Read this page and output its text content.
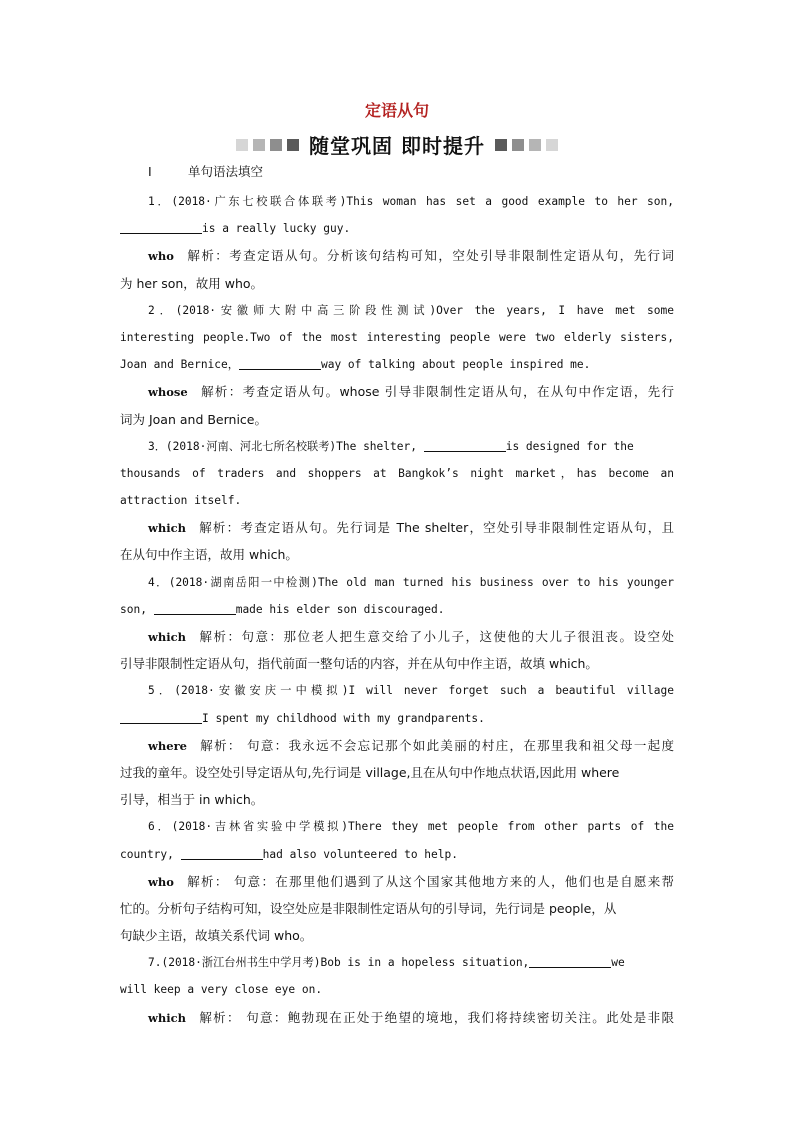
定语从句
随堂巩固 即时提升
Ⅰ	单句语法填空
1．(2018·广东七校联合体联考)This woman has set a good example to her son,
is a really lucky guy.
who 解析：考查定语从句。分析该句结构可知，空处引导非限制性定语从句，先行词
为 her son，故用 who。
2．(2018·安徽师大附中高三阶段性测试)Over the years, I have met some
interesting people.Two of the most interesting people were two elderly sisters,
Joan and Bernice，	way of talking about people inspired me.
whose 解析：考查定语从句。whose 引导非限制性定语从句，在从句中作定语，先行
词为 Joan and Bernice。
3．(2018·河南、河北七所名校联考)The shelter,	is designed for the
thousands of traders and shoppers at Bangkok’s night market，has become an
attraction itself.
which 解析：考查定语从句。先行词是 The shelter，空处引导非限制性定语从句，且
在从句中作主语，故用 which。
4．(2018·湖南岳阳一中检测)The old man turned his business over to his younger
son,	made his elder son discouraged.
which 解析：句意：那位老人把生意交给了小儿子，这使他的大儿子很沮丧。设空处
引导非限制性定语从句，指代前面一整句话的内容，并在从句中作主语，故填 which。
5．(2018·安徽安庆一中模拟)I will never forget such a beautiful village
I spent my childhood with my grandparents.
where 解析： 句意：我永远不会忘记那个如此美丽的村庄，在那里我和祖父母一起度
过我的童年。设空处引导定语从句,先行词是 village,且在从句中作地点状语,因此用 where
引导，相当于 in which。
6．(2018·吉林省实验中学模拟)There they met people from other parts of the
country,	had also volunteered to help.
who 解析： 句意：在那里他们遇到了从这个国家其他地方来的人，他们也是自愿来帮
忙的。分析句子结构可知，设空处应是非限制性定语从句的引导词，先行词是 people，从
句缺少主语，故填关系代词 who。
7.(2018·浙江台州书生中学月考)Bob is in a hopeless situation,	we
will keep a very close eye on.
which 解析： 句意：鲍勃现在正处于绝望的境地，我们将持续密切关注。此处是非限
